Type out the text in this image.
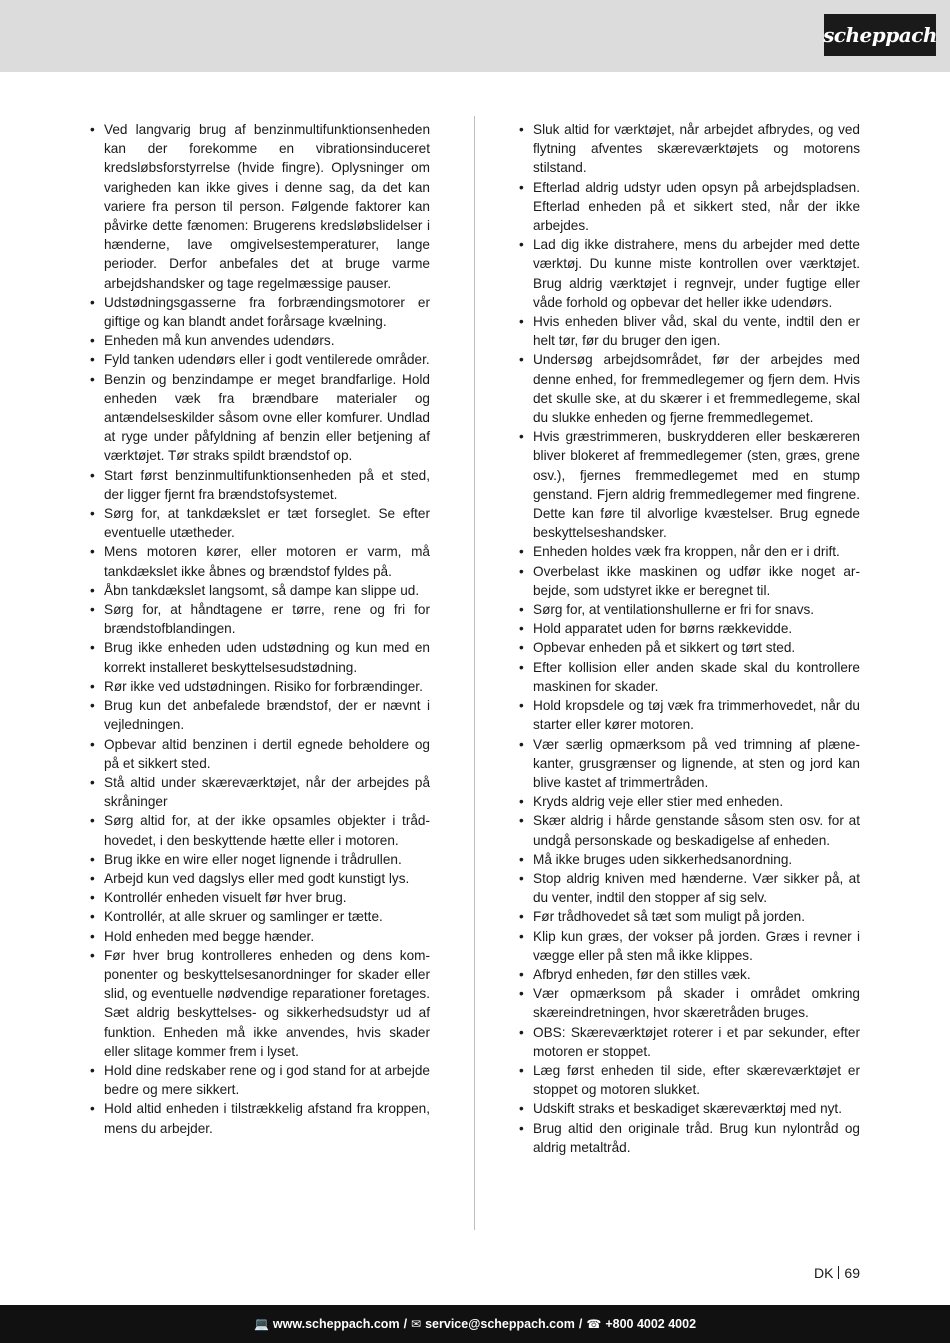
scheppach
• Ved langvarig brug af benzinmultifunktionsenheden kan der forekomme en vibrationsinduceret kredsløbsforstyrrelse (hvide fingre). Oplysninger om varigheden kan ikke gives i denne sag, da det kan variere fra person til person. Følgende faktorer kan påvirke dette fænomen: Brugerens kredsløbslidelser i hænderne, lave omgivelsestemperaturer, lange perioder. Derfor anbefales det at bruge varme arbejdshandsker og tage regelmæssige pauser.
• Udstødningsgasserne fra forbrændingsmotorer er giftige og kan blandt andet forårsage kvælning.
• Enheden må kun anvendes udendørs.
• Fyld tanken udendørs eller i godt ventilerede områder.
• Benzin og benzindampe er meget brandfarlige. Hold enheden væk fra brændbare materialer og antændelseskilder såsom ovne eller komfurer. Undlad at ryge under påfyldning af benzin eller betjening af værktøjet. Tør straks spildt brændstof op.
• Start først benzinmultifunktionsenheden på et sted, der ligger fjernt fra brændstofsystemet.
• Sørg for, at tankdækslet er tæt forseglet. Se efter eventuelle utætheder.
• Mens motoren kører, eller motoren er varm, må tankdækslet ikke åbnes og brændstof fyldes på.
• Åbn tankdækslet langsomt, så dampe kan slippe ud.
• Sørg for, at håndtagene er tørre, rene og fri for brændstofblandingen.
• Brug ikke enheden uden udstødning og kun med en korrekt installeret beskyttelsesudstødning.
• Rør ikke ved udstødningen. Risiko for forbrændinger.
• Brug kun det anbefalede brændstof, der er nævnt i vejledningen.
• Opbevar altid benzinen i dertil egnede beholdere og på et sikkert sted.
• Stå altid under skæreværktøjet, når der arbejdes på skråninger
• Sørg altid for, at der ikke opsamles objekter i trådhovedet, i den beskyttende hætte eller i motoren.
• Brug ikke en wire eller noget lignende i trådrullen.
• Arbejd kun ved dagslys eller med godt kunstigt lys.
• Kontrollér enheden visuelt før hver brug.
• Kontrollér, at alle skruer og samlinger er tætte.
• Hold enheden med begge hænder.
• Før hver brug kontrolleres enheden og dens komponenter og beskyttelsesanordninger for skader eller slid, og eventuelle nødvendige reparationer foretages. Sæt aldrig beskyttelses- og sikkerhedsudstyr ud af funktion. Enheden må ikke anvendes, hvis skader eller slitage kommer frem i lyset.
• Hold dine redskaber rene og i god stand for at arbejde bedre og mere sikkert.
• Hold altid enheden i tilstrækkelig afstand fra kroppen, mens du arbejder.
• Sluk altid for værktøjet, når arbejdet afbrydes, og ved flytning afventes skæreværktøjets og motorens stilstand.
• Efterlad aldrig udstyr uden opsyn på arbejdspladsen. Efterlad enheden på et sikkert sted, når der ikke arbejdes.
• Lad dig ikke distrahere, mens du arbejder med dette værktøj. Du kunne miste kontrollen over værktøjet. Brug aldrig værktøjet i regnvejr, under fugtige eller våde forhold og opbevar det heller ikke udendørs.
• Hvis enheden bliver våd, skal du vente, indtil den er helt tør, før du bruger den igen.
• Undersøg arbejdsområdet, før der arbejdes med denne enhed, for fremmedlegemer og fjern dem. Hvis det skulle ske, at du skærer i et fremmedlegeme, skal du slukke enheden og fjerne fremmedlegemet.
• Hvis græstrimmeren, buskrydderen eller beskæreren bliver blokeret af fremmedlegemer (sten, græs, grene osv.), fjernes fremmedlegemet med en stump genstand. Fjern aldrig fremmedlegemer med fingrene. Dette kan føre til alvorlige kvæstelser. Brug egnede beskyttelseshandsker.
• Enheden holdes væk fra kroppen, når den er i drift.
• Overbelast ikke maskinen og udfør ikke noget arbejde, som udstyret ikke er beregnet til.
• Sørg for, at ventilationshullerne er fri for snavs.
• Hold apparatet uden for børns rækkevidde.
• Opbevar enheden på et sikkert og tørt sted.
• Efter kollision eller anden skade skal du kontrollere maskinen for skader.
• Hold kropsdele og tøj væk fra trimmerhovedet, når du starter eller kører motoren.
• Vær særlig opmærksom på ved trimning af plænekanter, grusgrænser og lignende, at sten og jord kan blive kastet af trimmertråden.
• Kryds aldrig veje eller stier med enheden.
• Skær aldrig i hårde genstande såsom sten osv. for at undgå personskade og beskadigelse af enheden.
• Må ikke bruges uden sikkerhedsanordning.
• Stop aldrig kniven med hænderne. Vær sikker på, at du venter, indtil den stopper af sig selv.
• Før trådhovedet så tæt som muligt på jorden.
• Klip kun græs, der vokser på jorden. Græs i revner i vægge eller på sten må ikke klippes.
• Afbryd enheden, før den stilles væk.
• Vær opmærksom på skader i området omkring skæreindretningen, hvor skæretråden bruges.
• OBS: Skæreværktøjet roterer i et par sekunder, efter motoren er stoppet.
• Læg først enheden til side, efter skæreværktøjet er stoppet og motoren slukket.
• Udskift straks et beskadiget skæreværktøj med nyt.
• Brug altid den originale tråd. Brug kun nylontråd og aldrig metaltråd.
DK 69
💻 www.scheppach.com / ✉ service@scheppach.com / ☎ +800 4002 4002
